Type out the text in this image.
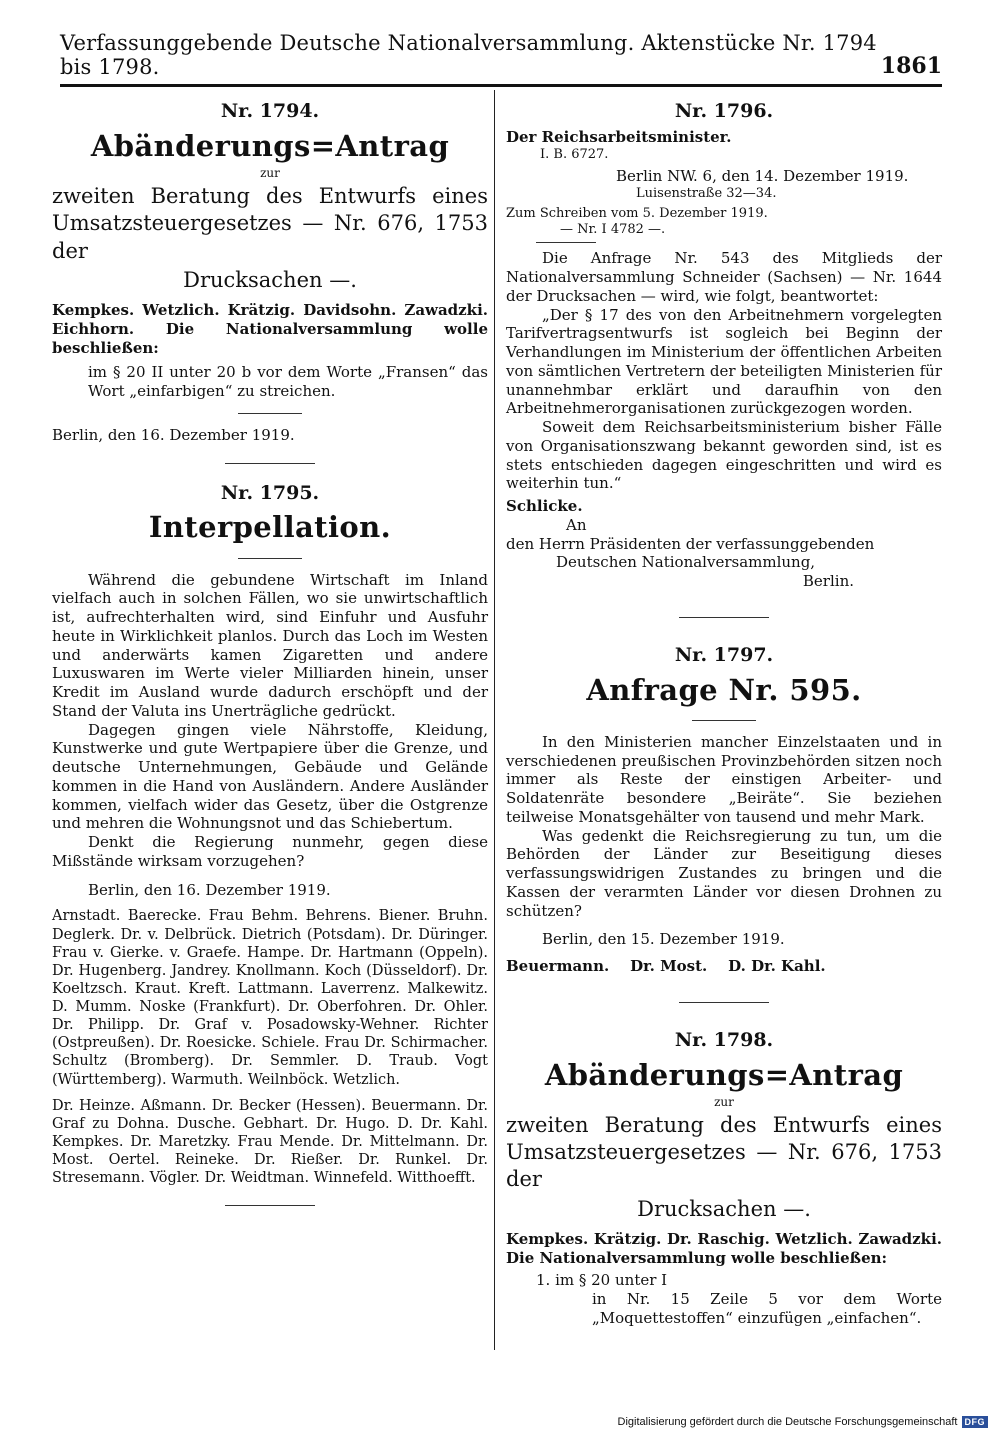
Verfassunggebende Deutsche Nationalversammlung. Aktenstücke Nr. 1794 bis 1798.	1861
Nr. 1794.
Abänderungs=Antrag
zur
zweiten Beratung des Entwurfs eines Umsatzsteuergesetzes — Nr. 676, 1753 der
Drucksachen —.

Kempkes. Wetzlich. Krätzig. Davidsohn. Zawadzki. Eichhorn. Die Nationalversammlung wolle beschließen:

im § 20 II unter 20 b vor dem Worte „Fransen“ das Wort „einfarbigen“ zu streichen.

Berlin, den 16. Dezember 1919.

Nr. 1795.
Interpellation.

Während die gebundene Wirtschaft im Inland vielfach auch in solchen Fällen, wo sie unwirtschaftlich ist, aufrechterhalten wird, sind Einfuhr und Ausfuhr heute in Wirklichkeit planlos. Durch das Loch im Westen und anderwärts kamen Zigaretten und andere Luxuswaren im Werte vieler Milliarden hinein, unser Kredit im Ausland wurde dadurch erschöpft und der Stand der Valuta ins Unerträgliche gedrückt.

Dagegen gingen viele Nährstoffe, Kleidung, Kunstwerke und gute Wertpapiere über die Grenze, und deutsche Unternehmungen, Gebäude und Gelände kommen in die Hand von Ausländern. Andere Ausländer kommen, vielfach wider das Gesetz, über die Ostgrenze und mehren die Wohnungsnot und das Schiebertum.

Denkt die Regierung nunmehr, gegen diese Mißstände wirksam vorzugehen?

Berlin, den 16. Dezember 1919.

Arnstadt. Baerecke. Frau Behm. Behrens. Biener. Bruhn. Deglerk. Dr. v. Delbrück. Dietrich (Potsdam). Dr. Düringer. Frau v. Gierke. v. Graefe. Hampe. Dr. Hartmann (Oppeln). Dr. Hugenberg. Jandrey. Knollmann. Koch (Düsseldorf). Dr. Koeltzsch. Kraut. Kreft. Lattmann. Laverrenz. Malkewitz. D. Mumm. Noske (Frankfurt). Dr. Oberfohren. Dr. Ohler. Dr. Philipp. Dr. Graf v. Posadowsky-Wehner. Richter (Ostpreußen). Dr. Roesicke. Schiele. Frau Dr. Schirmacher. Schultz (Bromberg). Dr. Semmler. D. Traub. Vogt (Württemberg). Warmuth. Weilnböck. Wetzlich.

Dr. Heinze. Aßmann. Dr. Becker (Hessen). Beuermann. Dr. Graf zu Dohna. Dusche. Gebhart. Dr. Hugo. D. Dr. Kahl. Kempkes. Dr. Maretzky. Frau Mende. Dr. Mittelmann. Dr. Most. Oertel. Reineke. Dr. Rießer. Dr. Runkel. Dr. Stresemann. Vögler. Dr. Weidtman. Winnefeld. Witthoefft.

Nr. 1796.

Der Reichsarbeitsminister.

I. B. 6727.

Berlin NW. 6, den 14. Dezember 1919.

Luisenstraße 32—34.

Zum Schreiben vom 5. Dezember 1919.

— Nr. I 4782 —.

Die Anfrage Nr. 543 des Mitglieds der Nationalversammlung Schneider (Sachsen) — Nr. 1644 der Drucksachen — wird, wie folgt, beantwortet:

„Der § 17 des von den Arbeitnehmern vorgelegten Tarifvertragsentwurfs ist sogleich bei Beginn der Verhandlungen im Ministerium der öffentlichen Arbeiten von sämtlichen Vertretern der beteiligten Ministerien für unannehmbar erklärt und daraufhin von den Arbeitnehmerorganisationen zurückgezogen worden.

Soweit dem Reichsarbeitsministerium bisher Fälle von Organisationszwang bekannt geworden sind, ist es stets entschieden dagegen eingeschritten und wird es weiterhin tun.“

Schlicke.

An

den Herrn Präsidenten der verfassunggebenden

Deutschen Nationalversammlung,

Berlin.

Nr. 1797.
Anfrage Nr. 595.

In den Ministerien mancher Einzelstaaten und in verschiedenen preußischen Provinzbehörden sitzen noch immer als Reste der einstigen Arbeiter- und Soldatenräte besondere „Beiräte“. Sie beziehen teilweise Monatsgehälter von tausend und mehr Mark.

Was gedenkt die Reichsregierung zu tun, um die Behörden der Länder zur Beseitigung dieses verfassungswidrigen Zustandes zu bringen und die Kassen der verarmten Länder vor diesen Drohnen zu schützen?

Berlin, den 15. Dezember 1919.

Beuermann.    Dr. Most.    D. Dr. Kahl.

Nr. 1798.
Abänderungs=Antrag
zur
zweiten Beratung des Entwurfs eines Umsatzsteuergesetzes — Nr. 676, 1753 der
Drucksachen —.

Kempkes. Krätzig. Dr. Raschig. Wetzlich. Zawadzki. Die Nationalversammlung wolle beschließen:

1. im § 20 unter I

in Nr. 15 Zeile 5 vor dem Worte „Moquettestoffen“ einzufügen „einfachen“.

Digitalisierung gefördert durch die Deutsche Forschungsgemeinschaft DFG
